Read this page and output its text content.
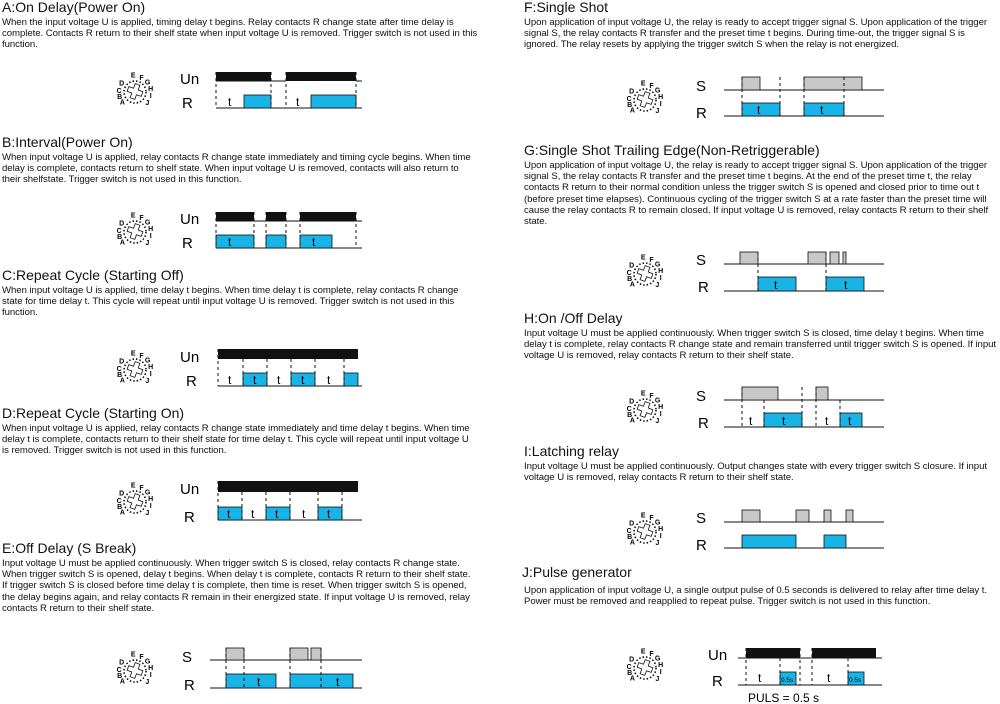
A:On Delay(Power On)

When the input voltage U is applied, timing delay t begins. Relay contacts R change state after time delay is complete. Contacts R return to their shelf state when input voltage U is removed. Trigger switch is not used in this function.

A
B
C
D
E F
G
H
I
J
Un
R	t	t
B:Interval(Power On)

When input voltage U is applied, relay contacts R change state immediately and timing cycle begins. When time delay is complete, contacts return to shelf state. When input voltage U is removed, contacts will also return to their shelfstate. Trigger switch is not used in this function.

A
B
C
D
E F
G
H
I
J
Un
R	t	t
C:Repeat Cycle (Starting Off)

When input voltage U is applied, time delay t begins. When time delay t is complete, relay contacts R change state for time delay t. This cycle will repeat until input voltage U is removed. Trigger switch is not used in this function.

A
B
C
D
E F
G
H
I
J
Un
R	t t t t t
D:Repeat Cycle (Starting On)

When input voltage U is applied, relay contacts R change state immediately and time delay t begins. When time delay t is complete, contacts return to their shelf state for time delay t. This cycle will repeat until input voltage U is removed. Trigger switch is not used in this function.

A
B
C
D
E F
G
H
I
J
Un
R	t t t t t
E:Off Delay (S Break)

Input voltage U must be applied continuously. When trigger switch S is closed, relay contacts R change state. When trigger switch S is opened, delay t begins. When delay t is complete, contacts R return to their shelf state. If trigger switch S is closed before time delay t is complete, then time is reset. When trigger switch S is opened, the delay begins again, and relay contacts R remain in their energized state. If input voltage U is removed, relay contacts R return to their shelf state.

A
B
C
D
E F
G
H
I
J
S
R	t	t
F:Single Shot

Upon application of input voltage U, the relay is ready to accept trigger signal S. Upon application of the trigger signal S, the relay contacts R transfer and the preset time t begins. During time-out, the trigger signal S is ignored. The relay resets by applying the trigger switch S when the relay is not energized.

A
B
C
D
E F
G
H
I
J
S
R	t	t
G:Single Shot Trailing Edge(Non-Retriggerable)

Upon application of input voltage U, the relay is ready to accept trigger signal S. Upon application of the trigger signal S, the relay contacts R transfer and the preset time t begins. At the end of the preset time t, the relay contacts R return to their normal condition unless the trigger switch S is opened and closed prior to time out t (before preset time elapses). Continuous cycling of the trigger switch S at a rate faster than the preset time will cause the relay contacts R to remain closed. If input voltage U is removed, relay contacts R return to their shelf state.

A
B
C
D
E F
G
H
I
J
S
R	t	t
H:On /Off Delay

Input voltage U must be applied continuously. When trigger switch S is closed, time delay t begins. When time delay t is complete, relay contacts R change state and remain transferred until trigger switch S is opened. If input voltage U is removed, relay contacts R return to their shelf state.

A
B
C
D
E F
G
H
I
J
S
R	t t	t t
I:Latching relay

Input voltage U must be applied continuously. Output changes state with every trigger switch S closure. If input voltage U is removed, relay contacts R return to their shelf state.

A
B
C
D
E F
G
H
I
J
S
R
J:Pulse generator

Upon application of input voltage U, a single output pulse of 0.5 seconds is delivered to relay after time delay t. Power must be removed and reapplied to repeat pulse. Trigger switch is not used in this function.

A
B
C
D
E F
G
H
I
J
Un
R	0.5s	0.5s
t	t
PULS = 0.5 s
